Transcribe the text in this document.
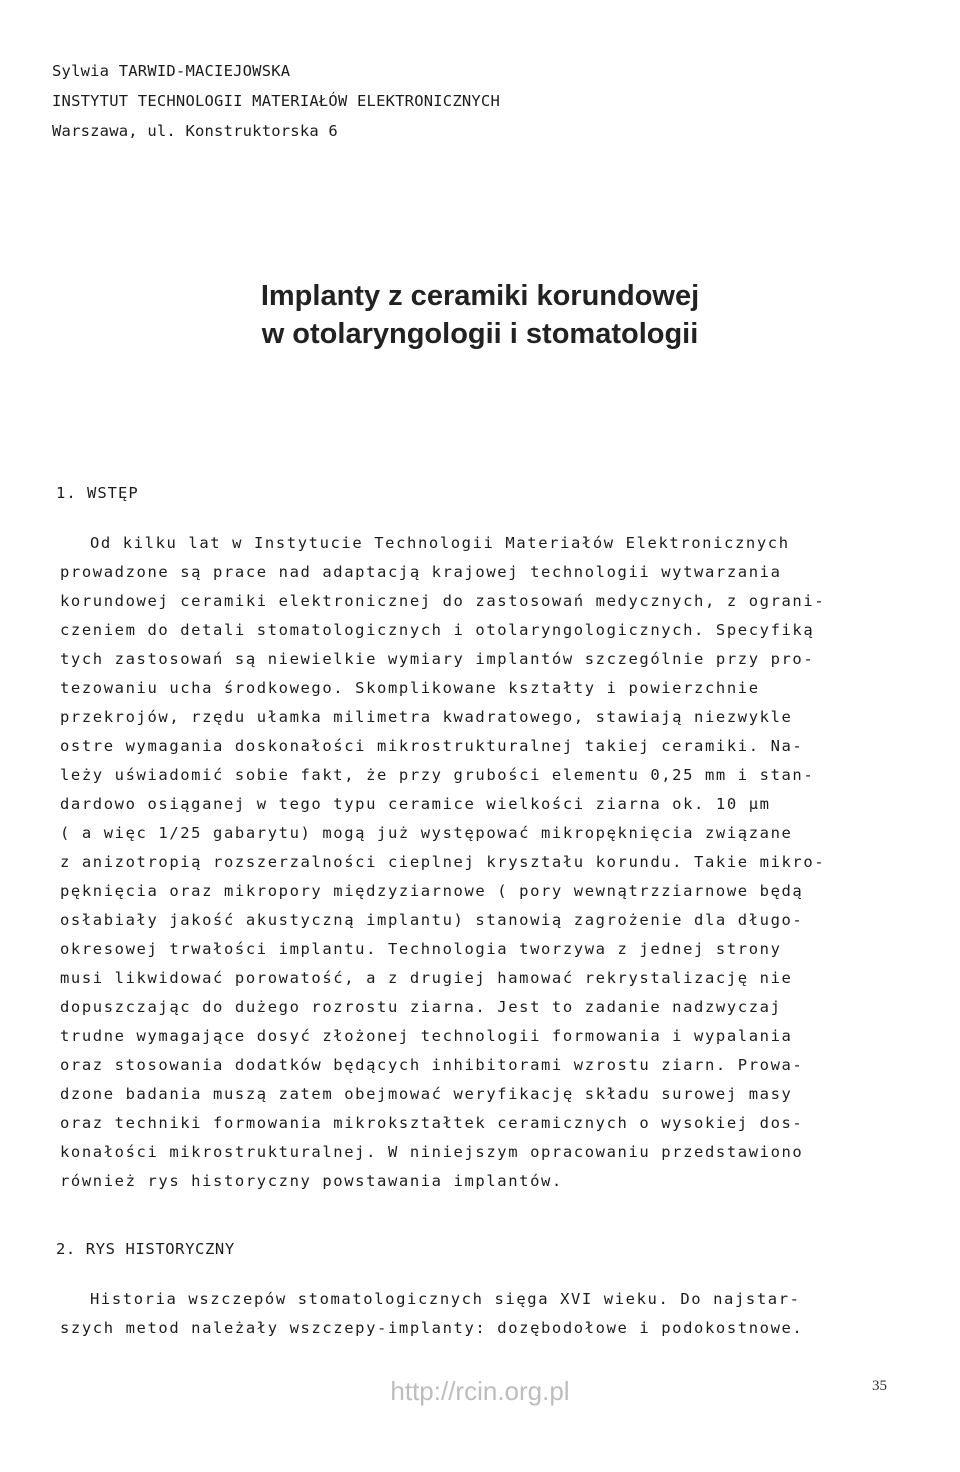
Sylwia TARWID-MACIEJOWSKA
INSTYTUT TECHNOLOGII MATERIAŁÓW ELEKTRONICZNYCH
Warszawa, ul. Konstruktorska 6
Implanty z ceramiki korundowej
w otolaryngologii i stomatologii
1. WSTĘP
Od kilku lat w Instytucie Technologii Materiałów Elektronicznych
prowadzone są prace nad adaptacją krajowej technologii wytwarzania
korundowej ceramiki elektronicznej do zastosowań medycznych, z ograni-
czeniem do detali stomatologicznych i otolaryngologicznych. Specyfiką
tych zastosowań są niewielkie wymiary implantów szczególnie przy pro-
tezowaniu ucha środkowego. Skomplikowane kształty i powierzchnie
przekrojów, rzędu ułamka milimetra kwadratowego, stawiają niezwykle
ostre wymagania doskonałości mikrostrukturalnej takiej ceramiki. Na-
leży uświadomić sobie fakt, że przy grubości elementu 0,25 mm i stan-
dardowo osiąganej w tego typu ceramice wielkości ziarna ok. 10 µm
( a więc 1/25 gabarytu) mogą już występować mikropęknięcia związane
z anizotropią rozszerzalności cieplnej kryształu korundu. Takie mikro-
pęknięcia oraz mikropory międzyziarnowe ( pory wewnątrzziarnowe będą
osłabiały jakość akustyczną implantu) stanowią zagrożenie dla długo-
okresowej trwałości implantu. Technologia tworzywa z jednej strony
musi likwidować porowatość, a z drugiej hamować rekrystalizację nie
dopuszczając do dużego rozrostu ziarna. Jest to zadanie nadzwyczaj
trudne wymagające dosyć złożonej technologii formowania i wypalania
oraz stosowania dodatków będących inhibitorami wzrostu ziarn. Prowa-
dzone badania muszą zatem obejmować weryfikację składu surowej masy
oraz techniki formowania mikrokształtek ceramicznych o wysokiej dos-
konałości mikrostrukturalnej. W niniejszym opracowaniu przedstawiono
również rys historyczny powstawania implantów.
2. RYS HISTORYCZNY
Historia wszczepów stomatologicznych sięga XVI wieku. Do najstar-
szych metod należały wszczepy-implanty: dozębodołowe i podokostnowe.
http://rcin.org.pl	35
